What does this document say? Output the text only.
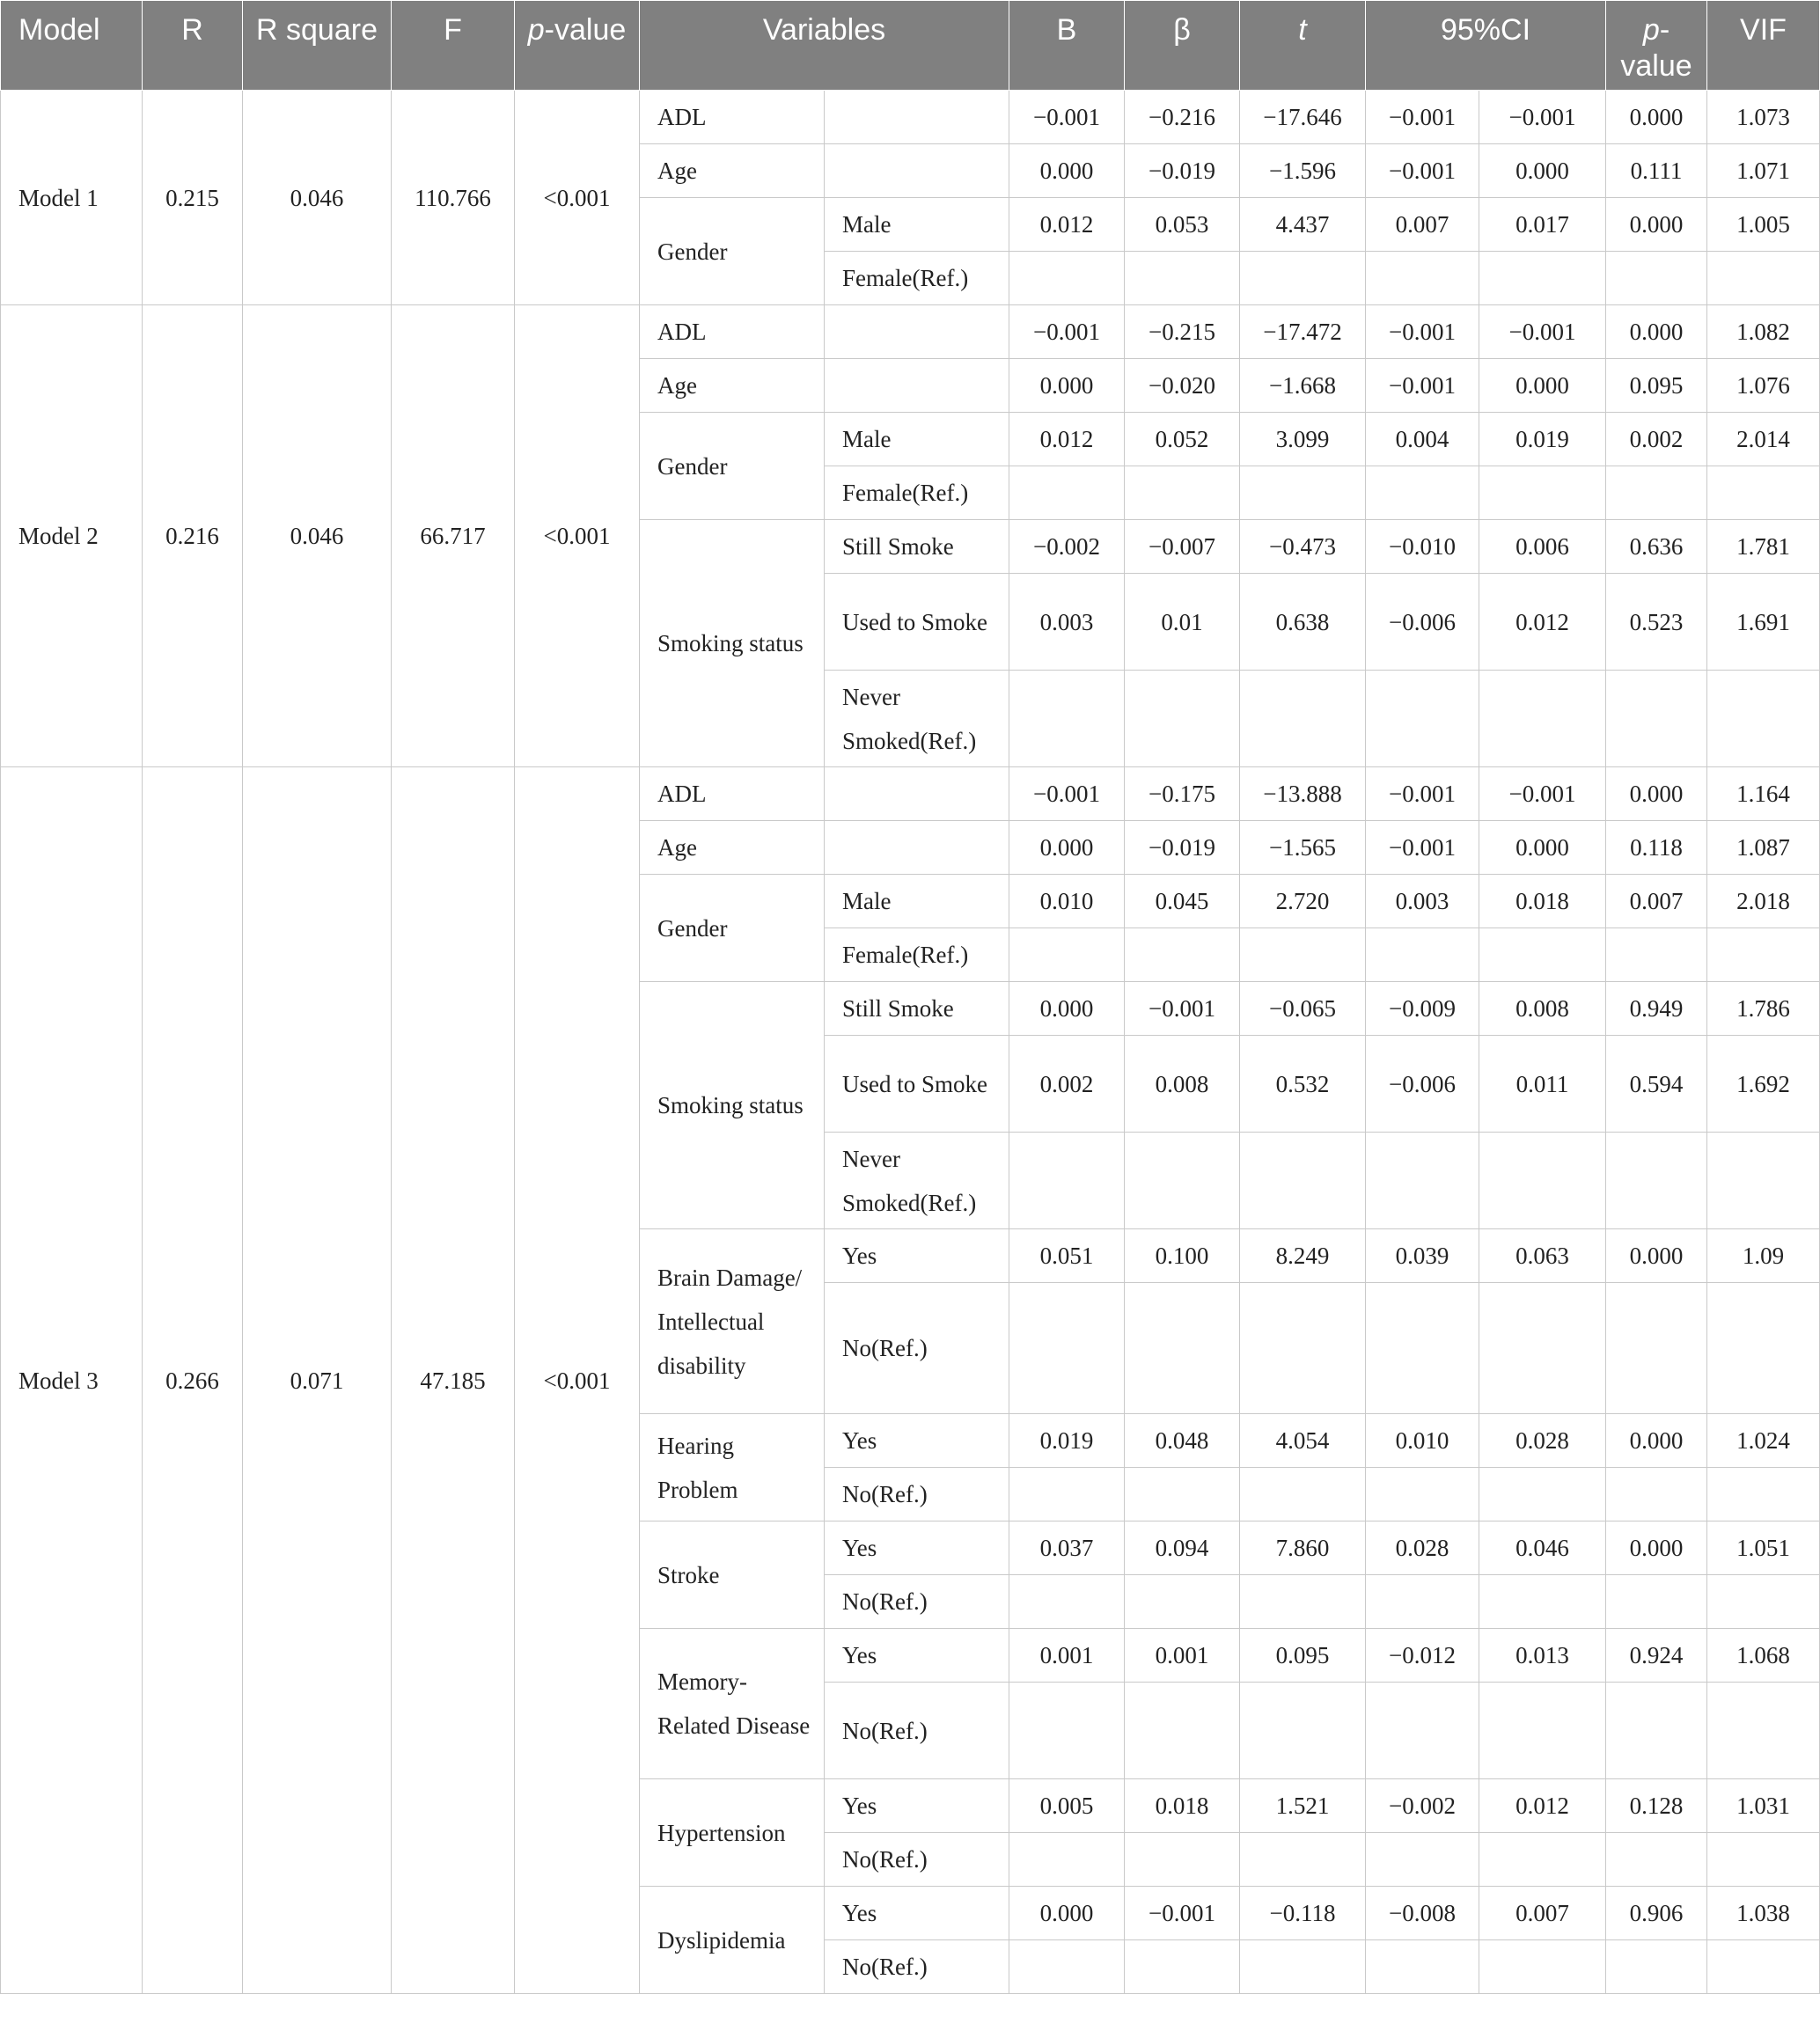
Model	R	R square	F	p-value	Variables		B	β	t	95%CI		p-value	VIF
Model 1	0.215	0.046	110.766	<0.001	ADL		−0.001	−0.216	−17.646	−0.001	−0.001	0.000	1.073
					Age		0.000	−0.019	−1.596	−0.001	0.000	0.111	1.071
					Gender	Male	0.012	0.053	4.437	0.007	0.017	0.000	1.005
						Female(Ref.)							
Model 2	0.216	0.046	66.717	<0.001	ADL		−0.001	−0.215	−17.472	−0.001	−0.001	0.000	1.082
					Age		0.000	−0.020	−1.668	−0.001	0.000	0.095	1.076
					Gender	Male	0.012	0.052	3.099	0.004	0.019	0.002	2.014
						Female(Ref.)							
					Smoking status	Still Smoke	−0.002	−0.007	−0.473	−0.010	0.006	0.636	1.781
						Used to Smoke	0.003	0.01	0.638	−0.006	0.012	0.523	1.691
						Never Smoked(Ref.)							
Model 3	0.266	0.071	47.185	<0.001	ADL		−0.001	−0.175	−13.888	−0.001	−0.001	0.000	1.164
					Age		0.000	−0.019	−1.565	−0.001	0.000	0.118	1.087
					Gender	Male	0.010	0.045	2.720	0.003	0.018	0.007	2.018
						Female(Ref.)							
					Smoking status	Still Smoke	0.000	−0.001	−0.065	−0.009	0.008	0.949	1.786
						Used to Smoke	0.002	0.008	0.532	−0.006	0.011	0.594	1.692
						Never Smoked(Ref.)							
					Brain Damage/ Intellectual disability	Yes	0.051	0.100	8.249	0.039	0.063	0.000	1.09
						No(Ref.)							
					Hearing Problem	Yes	0.019	0.048	4.054	0.010	0.028	0.000	1.024
						No(Ref.)							
					Stroke	Yes	0.037	0.094	7.860	0.028	0.046	0.000	1.051
						No(Ref.)							
					Memory-Related Disease	Yes	0.001	0.001	0.095	−0.012	0.013	0.924	1.068
						No(Ref.)							
					Hypertension	Yes	0.005	0.018	1.521	−0.002	0.012	0.128	1.031
						No(Ref.)							
					Dyslipidemia	Yes	0.000	−0.001	−0.118	−0.008	0.007	0.906	1.038
						No(Ref.)							
